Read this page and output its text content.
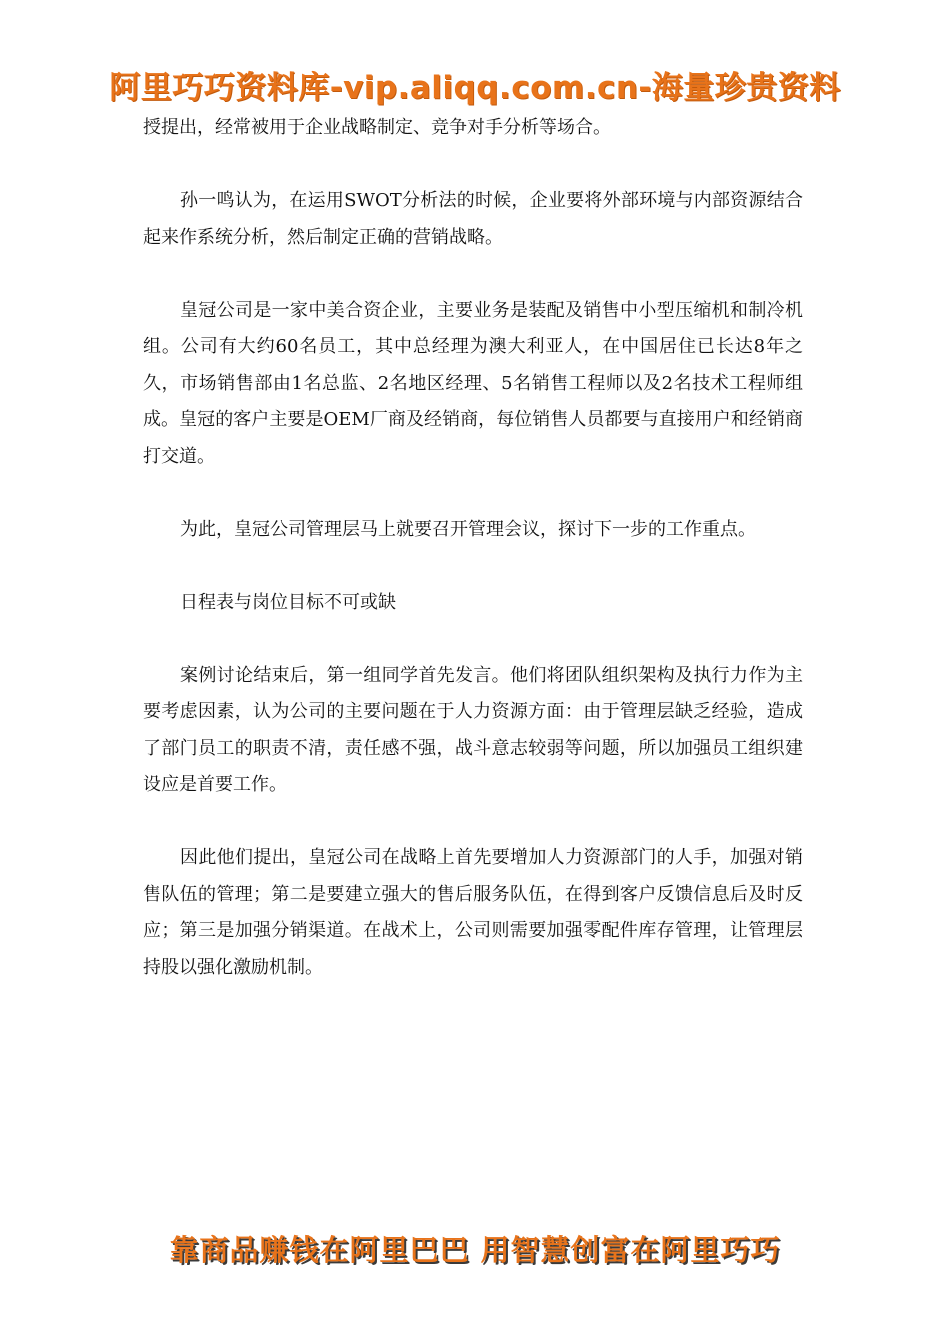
阿里巧巧资料库-vip.aliqq.com.cn-海量珍贵资料

授提出，经常被用于企业战略制定、竞争对手分析等场合。

孙一鸣认为，在运用SWOT分析法的时候，企业要将外部环境与内部资源结合起来作系统分析，然后制定正确的营销战略。

皇冠公司是一家中美合资企业，主要业务是装配及销售中小型压缩机和制冷机组。公司有大约60名员工，其中总经理为澳大利亚人，在中国居住已长达8年之久，市场销售部由1名总监、2名地区经理、5名销售工程师以及2名技术工程师组成。皇冠的客户主要是OEM厂商及经销商，每位销售人员都要与直接用户和经销商打交道。

为此，皇冠公司管理层马上就要召开管理会议，探讨下一步的工作重点。

日程表与岗位目标不可或缺

案例讨论结束后，第一组同学首先发言。他们将团队组织架构及执行力作为主要考虑因素，认为公司的主要问题在于人力资源方面：由于管理层缺乏经验，造成了部门员工的职责不清，责任感不强，战斗意志较弱等问题，所以加强员工组织建设应是首要工作。

因此他们提出，皇冠公司在战略上首先要增加人力资源部门的人手，加强对销售队伍的管理；第二是要建立强大的售后服务队伍，在得到客户反馈信息后及时反应；第三是加强分销渠道。在战术上，公司则需要加强零配件库存管理，让管理层持股以强化激励机制。

靠商品赚钱在阿里巴巴 用智慧创富在阿里巧巧
